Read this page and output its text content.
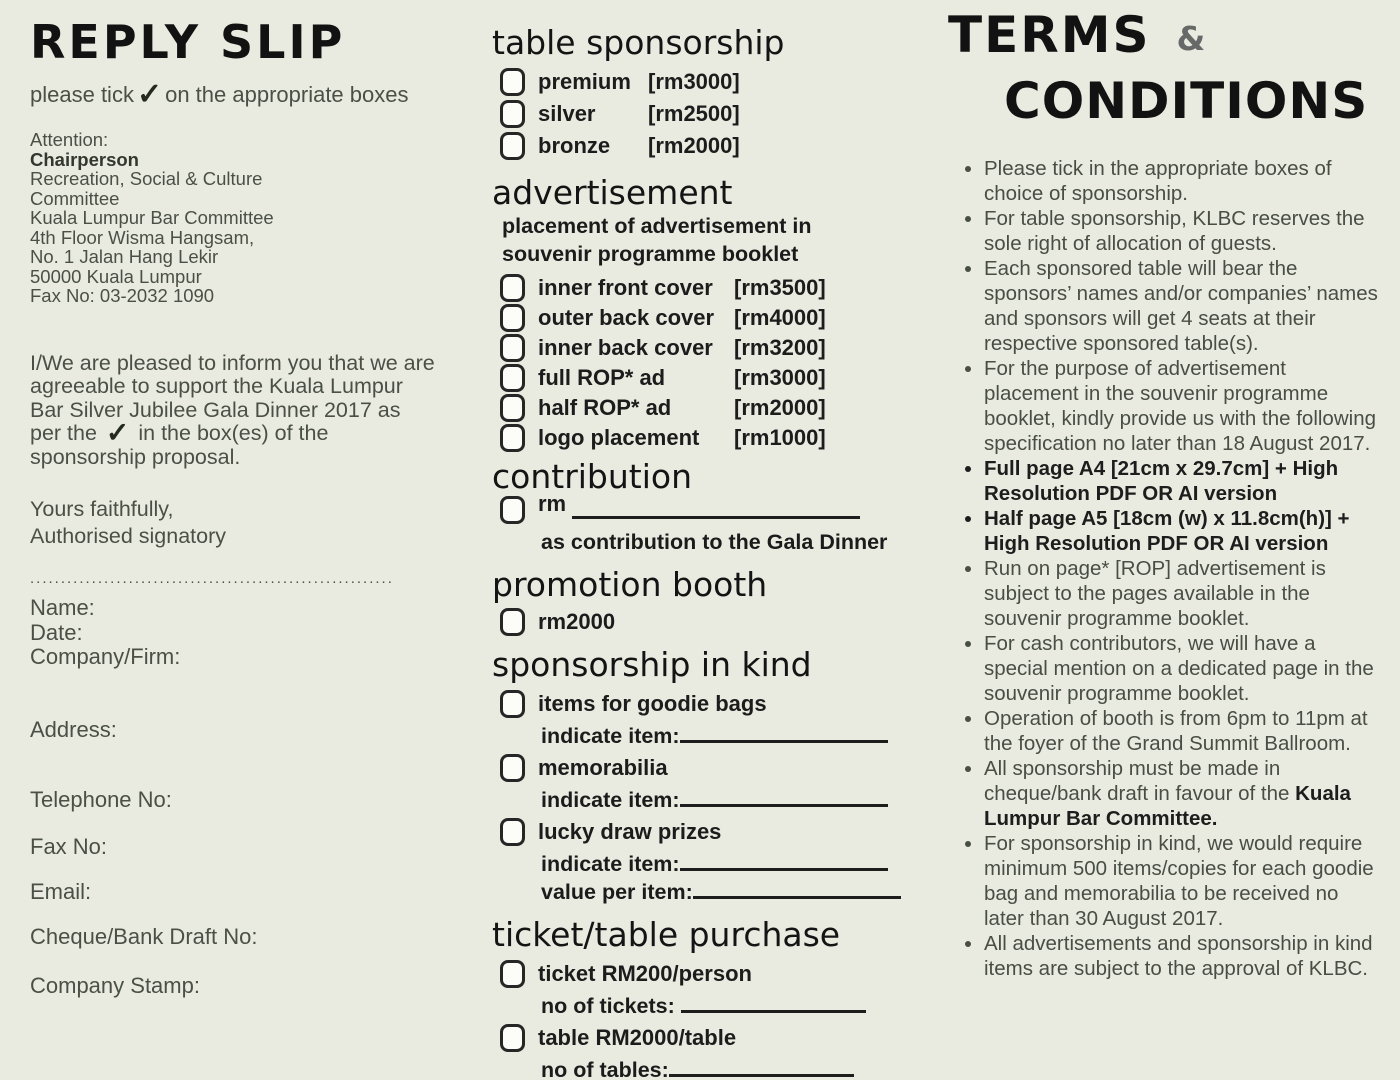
REPLY SLIP
please tick ✓ on the appropriate boxes
Attention:
Chairperson
Recreation, Social & Culture
Committee
Kuala Lumpur Bar Committee
4th Floor Wisma Hangsam,
No. 1 Jalan Hang Lekir
50000 Kuala Lumpur
Fax No: 03-2032 1090

I/We are pleased to inform you that we are agreeable to support the Kuala Lumpur Bar Silver Jubilee Gala Dinner 2017 as per the ✓ in the box(es) of the sponsorship proposal.

Yours faithfully,
Authorised signatory
...........................................................
Name:
Date:
Company/Firm:
Address:
Telephone No:
Fax No:
Email:
Cheque/Bank Draft No:
Company Stamp:
table sponsorship
premium [rm3000]
silver	[rm2500]
bronze	[rm2000]
advertisement
placement of advertisement in
souvenir programme booklet
inner front cover [rm3500]
outer back cover [rm4000]
inner back cover [rm3200]
full ROP* ad	[rm3000]
half ROP* ad	[rm2000]
logo placement	[rm1000]
contribution
rm
as contribution to the Gala Dinner
promotion booth
rm2000
sponsorship in kind
items for goodie bags
indicate item:
memorabilia
indicate item:
lucky draw prizes
indicate item:
value per item:
ticket/table purchase
ticket RM200/person
no of tickets:
table RM2000/table
no of tables:
TERMS &
CONDITIONS
• Please tick in the appropriate boxes of choice of sponsorship.
• For table sponsorship, KLBC reserves the sole right of allocation of guests.
• Each sponsored table will bear the sponsors’ names and/or companies’ names and sponsors will get 4 seats at their respective sponsored table(s).
• For the purpose of advertisement placement in the souvenir programme booklet, kindly provide us with the following specification no later than 18 August 2017.
• Full page A4 [21cm x 29.7cm] + High Resolution PDF OR AI version
• Half page A5 [18cm (w) x 11.8cm(h)] + High Resolution PDF OR AI version
• Run on page* [ROP] advertisement is subject to the pages available in the souvenir programme booklet.
• For cash contributors, we will have a special mention on a dedicated page in the souvenir programme booklet.
• Operation of booth is from 6pm to 11pm at the foyer of the Grand Summit Ballroom.
• All sponsorship must be made in cheque/bank draft in favour of the Kuala Lumpur Bar Committee.
• For sponsorship in kind, we would require minimum 500 items/copies for each goodie bag and memorabilia to be received no later than 30 August 2017.
• All advertisements and sponsorship in kind items are subject to the approval of KLBC.
